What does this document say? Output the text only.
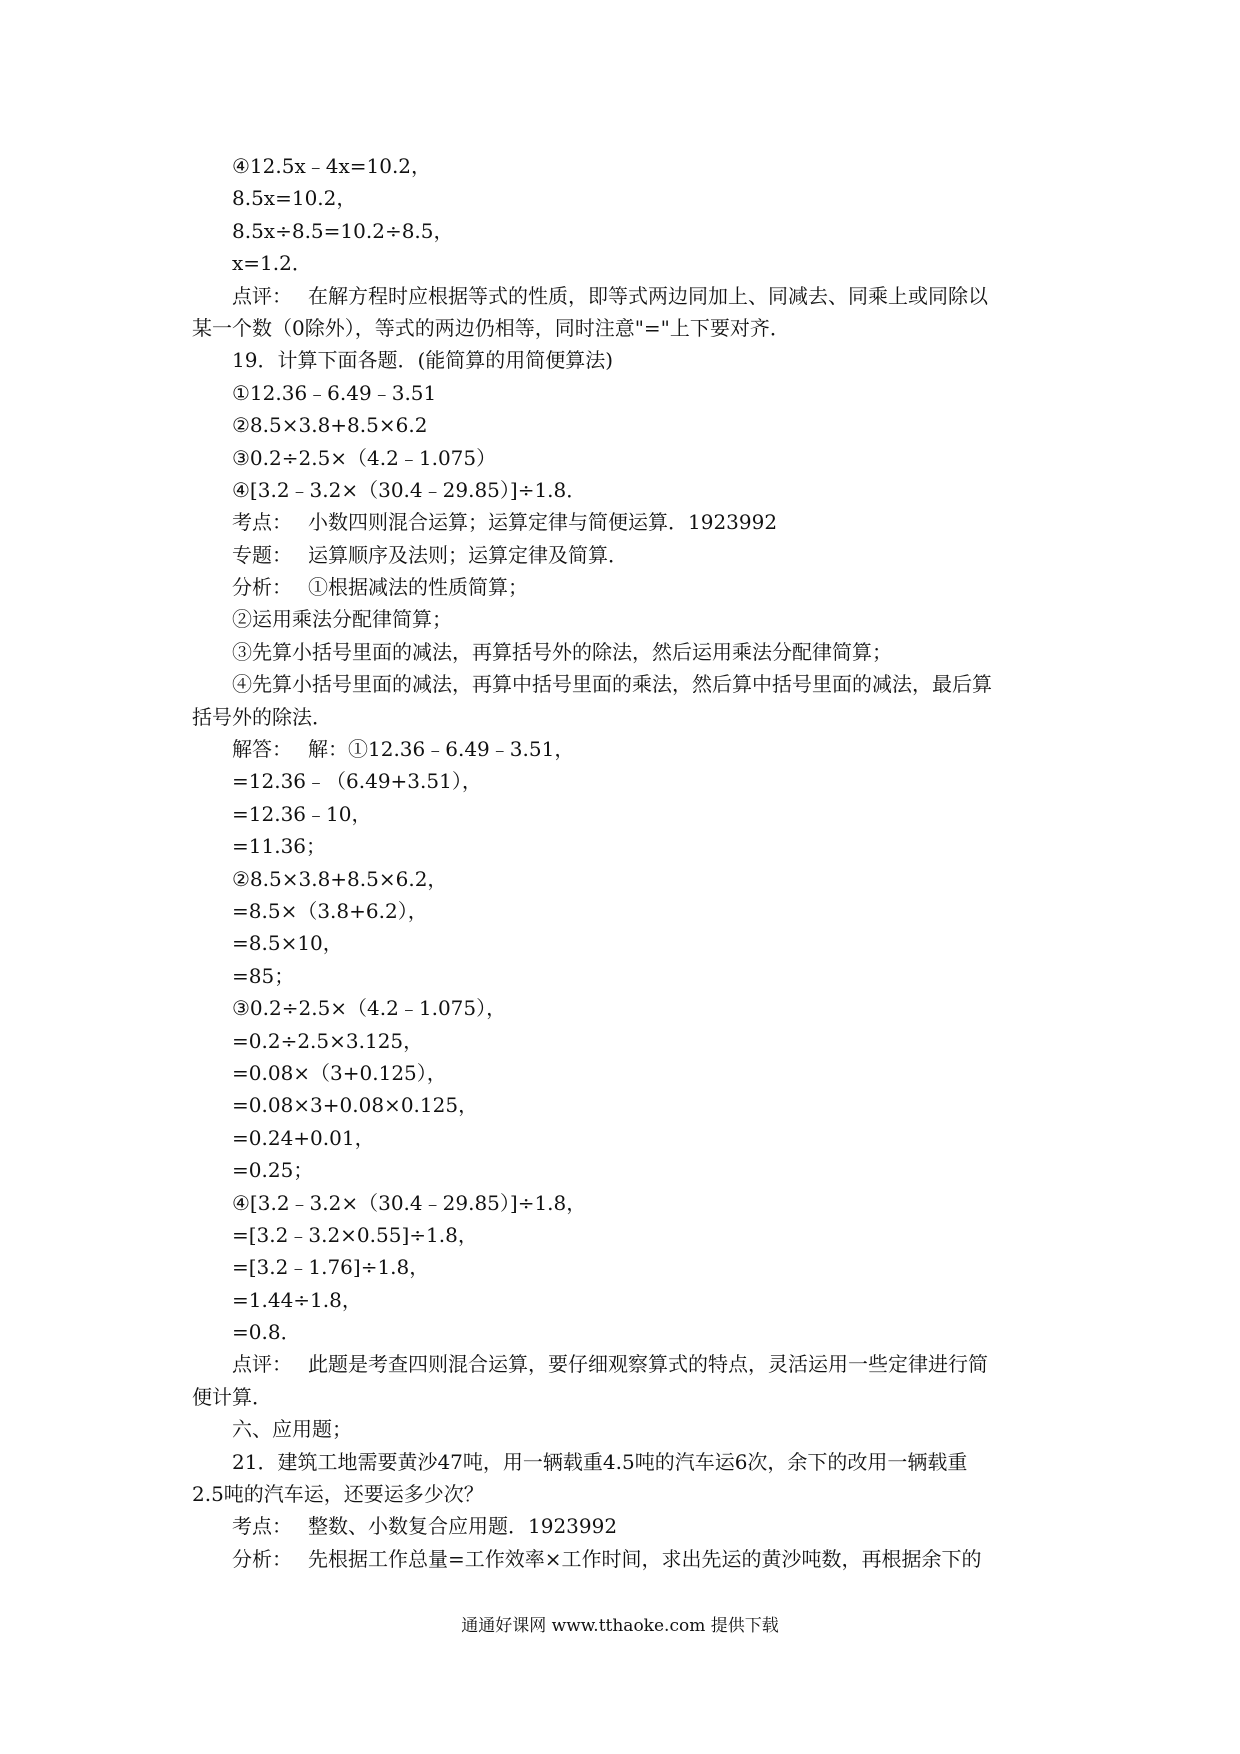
④12.5x﹣4x=10.2，
8.5x=10.2，
8.5x÷8.5=10.2÷8.5，
x=1.2．
点评： 在解方程时应根据等式的性质，即等式两边同加上、同减去、同乘上或同除以
某一个数（0除外），等式的两边仍相等，同时注意"="上下要对齐．
19．计算下面各题．(能简算的用简便算法)
①12.36﹣6.49﹣3.51
②8.5×3.8+8.5×6.2
③0.2÷2.5×（4.2﹣1.075）
④[3.2﹣3.2×（30.4﹣29.85）]÷1.8．
考点： 小数四则混合运算；运算定律与简便运算．1923992
专题： 运算顺序及法则；运算定律及简算．
分析： ①根据减法的性质简算；
②运用乘法分配律简算；
③先算小括号里面的减法，再算括号外的除法，然后运用乘法分配律简算；
④先算小括号里面的减法，再算中括号里面的乘法，然后算中括号里面的减法，最后算
括号外的除法．
解答： 解：①12.36﹣6.49﹣3.51，
=12.36﹣（6.49+3.51），
=12.36﹣10，
=11.36；
②8.5×3.8+8.5×6.2，
=8.5×（3.8+6.2），
=8.5×10，
=85；
③0.2÷2.5×（4.2﹣1.075），
=0.2÷2.5×3.125，
=0.08×（3+0.125），
=0.08×3+0.08×0.125，
=0.24+0.01，
=0.25；
④[3.2﹣3.2×（30.4﹣29.85）]÷1.8，
=[3.2﹣3.2×0.55]÷1.8，
=[3.2﹣1.76]÷1.8，
=1.44÷1.8，
=0.8．
点评： 此题是考查四则混合运算，要仔细观察算式的特点，灵活运用一些定律进行简
便计算．
六、应用题；
21．建筑工地需要黄沙47吨，用一辆载重4.5吨的汽车运6次，余下的改用一辆载重
2.5吨的汽车运，还要运多少次？
考点： 整数、小数复合应用题．1923992
分析： 先根据工作总量=工作效率×工作时间，求出先运的黄沙吨数，再根据余下的
通通好课网 www.tthaoke.com 提供下载
